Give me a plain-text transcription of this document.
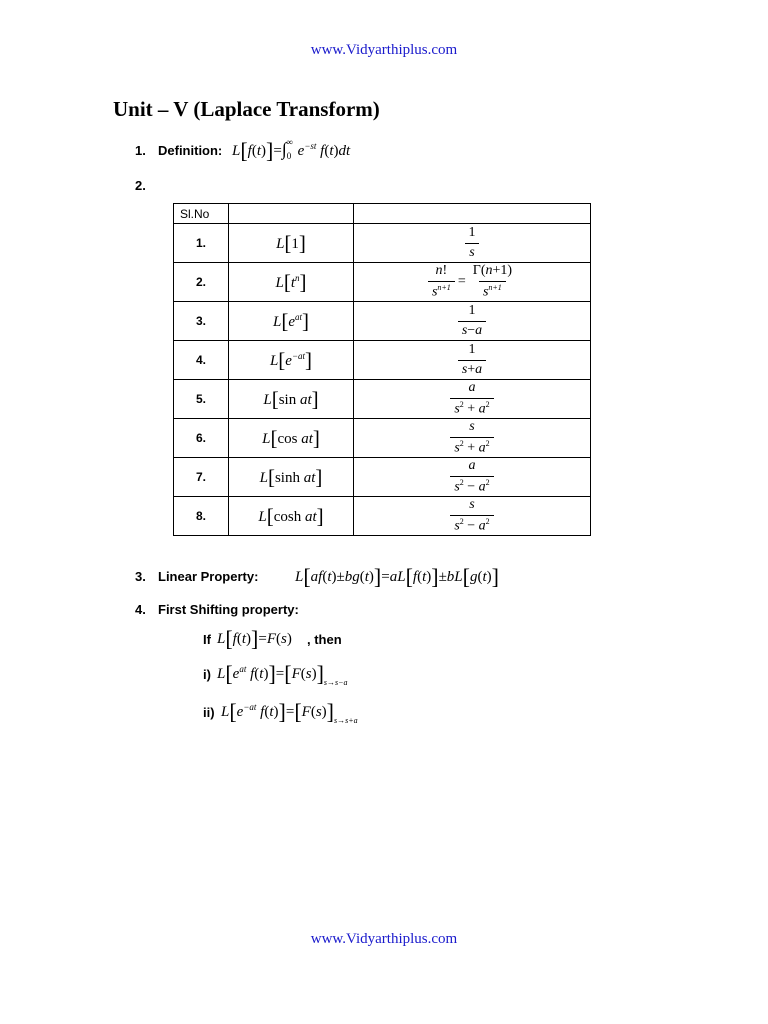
www.Vidyarthiplus.com
Unit – V (Laplace Transform)
1. Definition: $L[f(t)]=\int_0^\infty e^{-st}$ f(t)dt
2.
Sl.No		
1.	L[1]	$\frac{1}{s}$

2.	$L[t^n]$	$\frac{n!}{s^{n+1}} = \frac{\Gamma(n+1)}{s^{n+1}}$

3.	$L[e^{at}]$	$\frac{1}{s-a}$

4.	$L[e^{-at}]$	$\frac{1}{s+a}$

5.	L[sin at]	$\frac{a}{s^2 + a^2}$

6.	L[cos at]	$\frac{s}{s^2 + a^2}$

7.	L[sinh at]	$\frac{a}{s^2 - a^2}$

8.	L[cosh at]	$\frac{s}{s^2 - a^2}$
3. Linear Property: L[af(t)±bg(t)]=aL[f(t)]±bL[g(t)]
4. First Shifting property:
If L[f(t)]=F(s) , then
i) $L[e^{at}$ $f(t)]=[F(s)]_{s\to s-a}$
ii) $L[e^{-at}$ $f(t)]=[F(s)]_{s\to s+a}$
www.Vidyarthiplus.com
